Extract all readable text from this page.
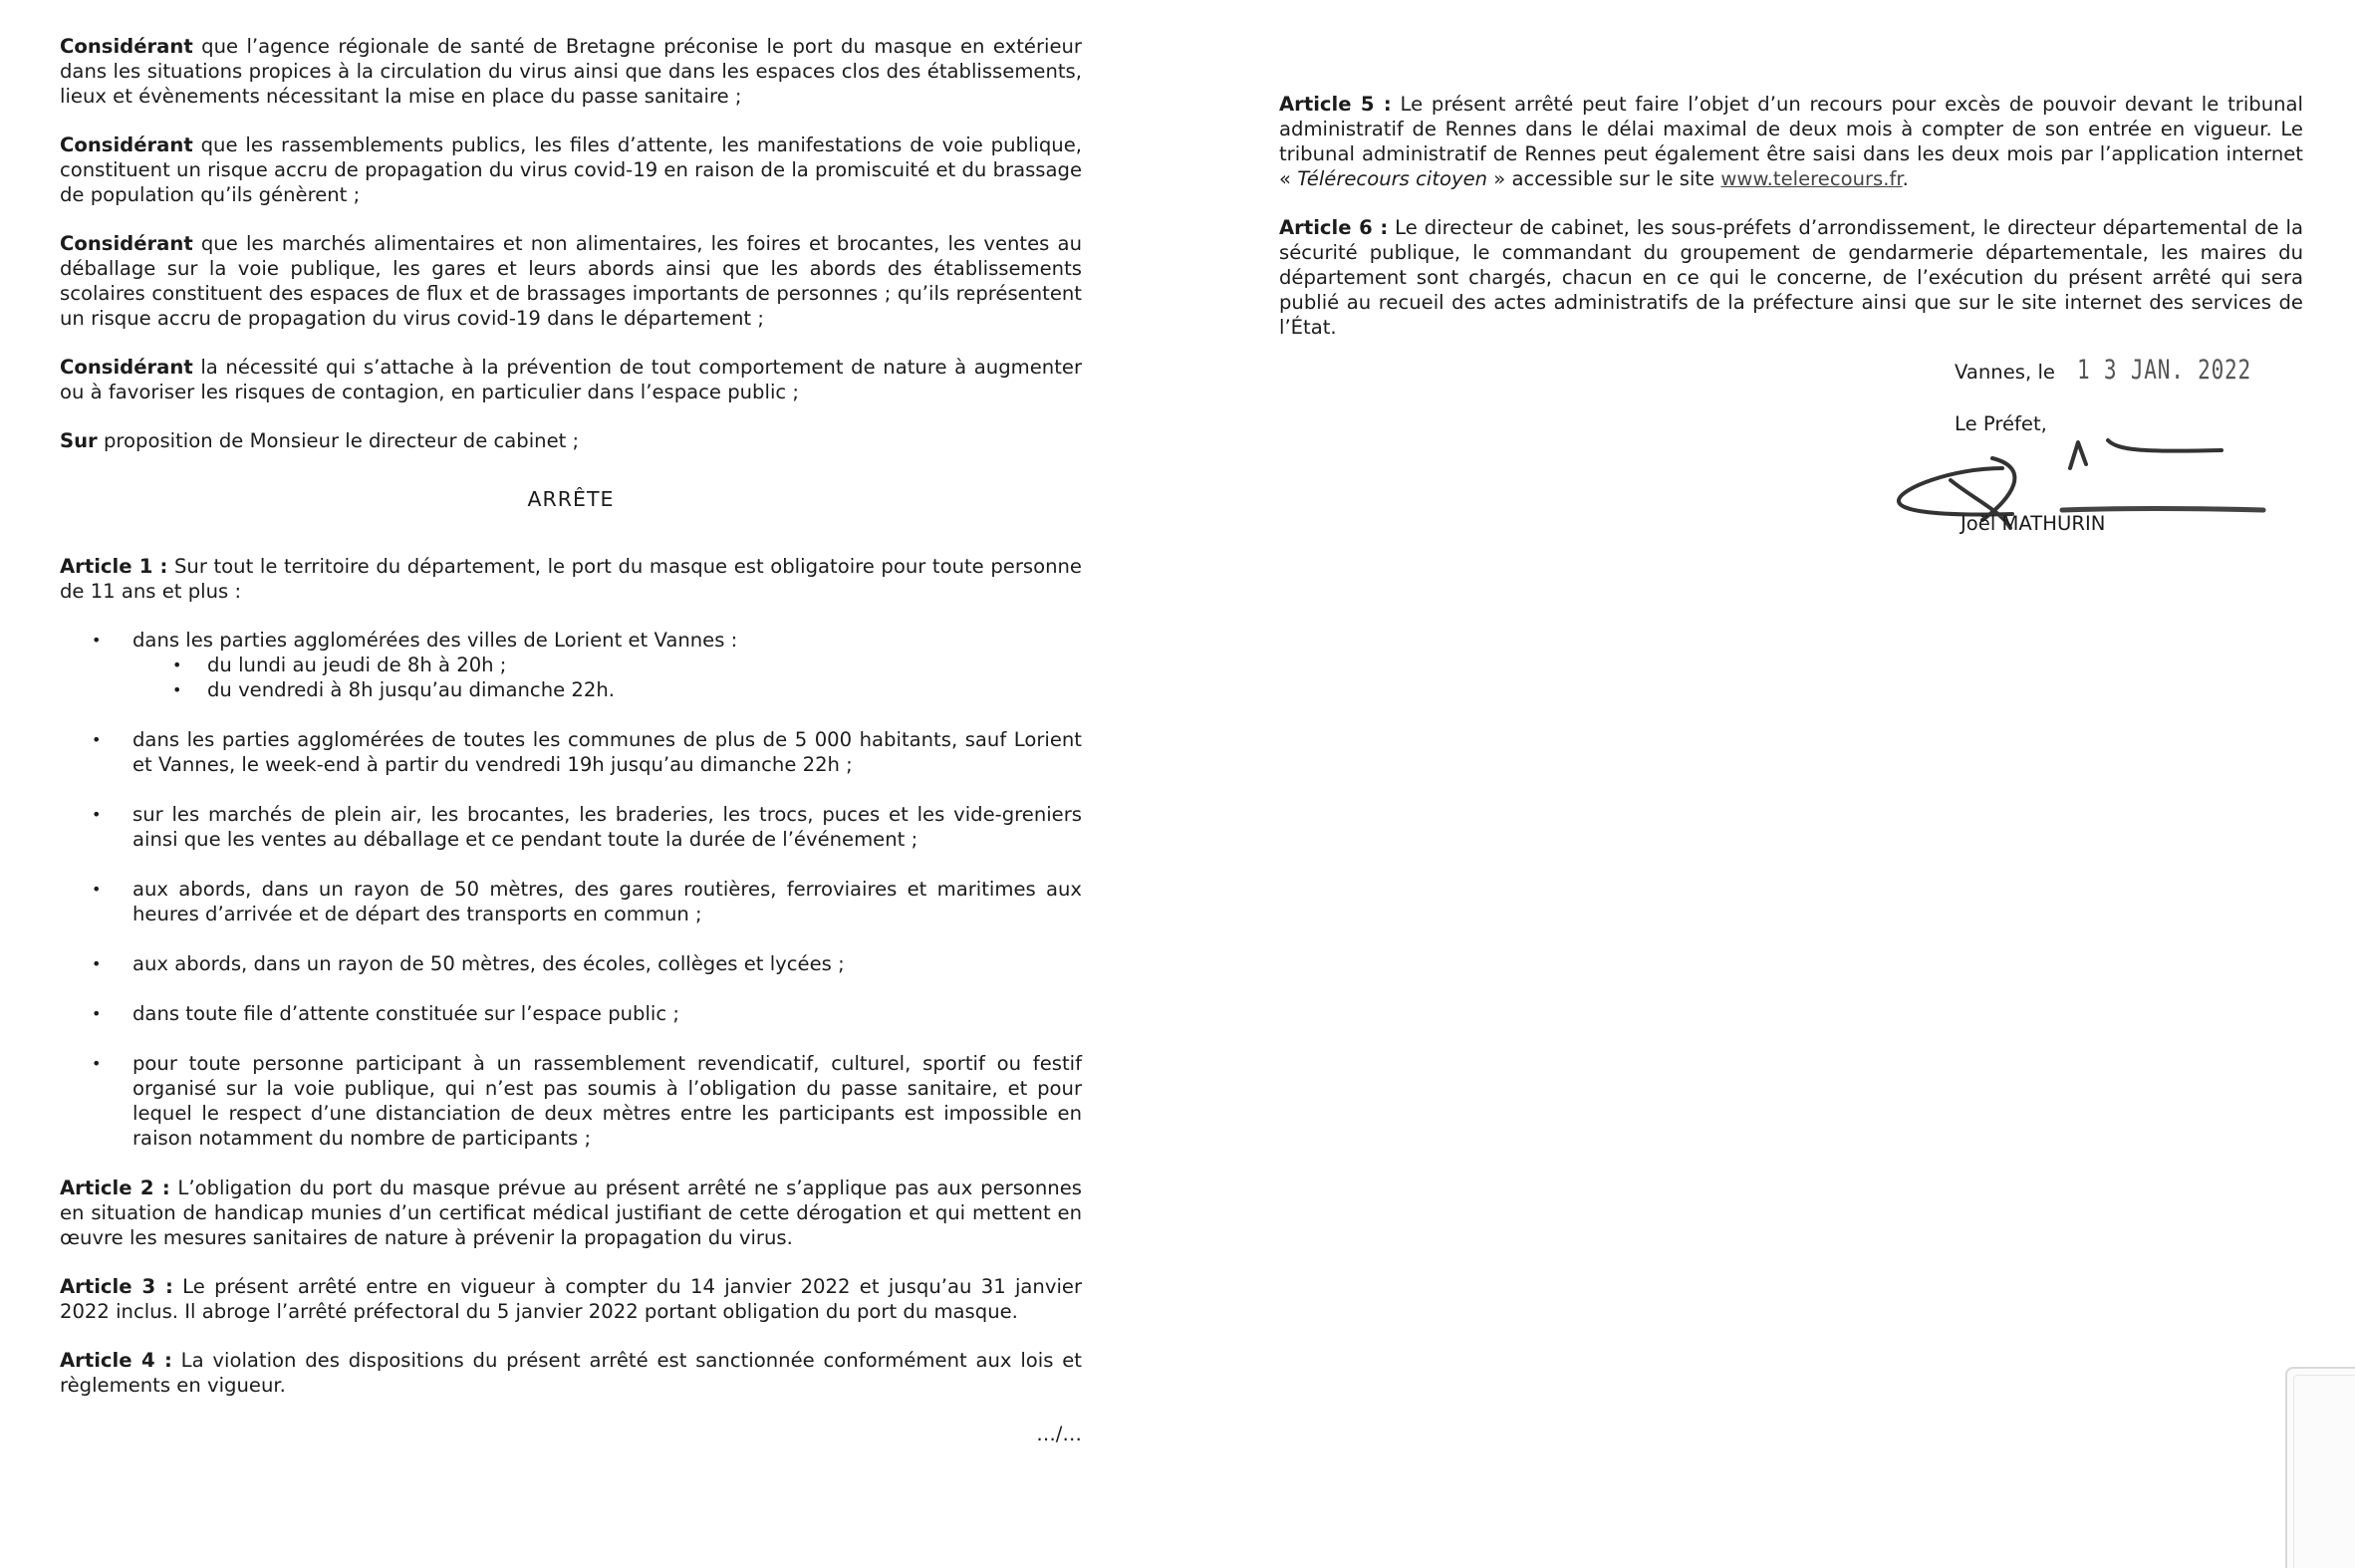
Considérant que l’agence régionale de santé de Bretagne préconise le port du masque en extérieur dans les situations propices à la circulation du virus ainsi que dans les espaces clos des établissements, lieux et évènements nécessitant la mise en place du passe sanitaire ;

Considérant que les rassemblements publics, les files d’attente, les manifestations de voie publique, constituent un risque accru de propagation du virus covid-19 en raison de la promiscuité et du brassage de population qu’ils génèrent ;

Considérant que les marchés alimentaires et non alimentaires, les foires et brocantes, les ventes au déballage sur la voie publique, les gares et leurs abords ainsi que les abords des établissements scolaires constituent des espaces de flux et de brassages importants de personnes ; qu’ils représentent un risque accru de propagation du virus covid-19 dans le département ;

Considérant la nécessité qui s’attache à la prévention de tout comportement de nature à augmenter ou à favoriser les risques de contagion, en particulier dans l’espace public ;

Sur proposition de Monsieur le directeur de cabinet ;

ARRÊTE

Article 1 : Sur tout le territoire du département, le port du masque est obligatoire pour toute personne de 11 ans et plus :

• dans les parties agglomérées des villes de Lorient et Vannes :
• du lundi au jeudi de 8h à 20h ;
• du vendredi à 8h jusqu’au dimanche 22h.
• dans les parties agglomérées de toutes les communes de plus de 5 000 habitants, sauf Lorient et Vannes, le week-end à partir du vendredi 19h jusqu’au dimanche 22h ;
• sur les marchés de plein air, les brocantes, les braderies, les trocs, puces et les vide-greniers ainsi que les ventes au déballage et ce pendant toute la durée de l’événement ;
• aux abords, dans un rayon de 50 mètres, des gares routières, ferroviaires et maritimes aux heures d’arrivée et de départ des transports en commun ;
• aux abords, dans un rayon de 50 mètres, des écoles, collèges et lycées ;
• dans toute file d’attente constituée sur l’espace public ;
• pour toute personne participant à un rassemblement revendicatif, culturel, sportif ou festif organisé sur la voie publique, qui n’est pas soumis à l’obligation du passe sanitaire, et pour lequel le respect d’une distanciation de deux mètres entre les participants est impossible en raison notamment du nombre de participants ;

Article 2 : L’obligation du port du masque prévue au présent arrêté ne s’applique pas aux personnes en situation de handicap munies d’un certificat médical justifiant de cette dérogation et qui mettent en œuvre les mesures sanitaires de nature à prévenir la propagation du virus.

Article 3 : Le présent arrêté entre en vigueur à compter du 14 janvier 2022 et jusqu’au 31 janvier 2022 inclus. Il abroge l’arrêté préfectoral du 5 janvier 2022 portant obligation du port du masque.

Article 4 : La violation des dispositions du présent arrêté est sanctionnée conformément aux lois et règlements en vigueur.

…/…

Article 5 : Le présent arrêté peut faire l’objet d’un recours pour excès de pouvoir devant le tribunal administratif de Rennes dans le délai maximal de deux mois à compter de son entrée en vigueur. Le tribunal administratif de Rennes peut également être saisi dans les deux mois par l’application internet « Télérecours citoyen » accessible sur le site www.telerecours.fr.

Article 6 : Le directeur de cabinet, les sous-préfets d’arrondissement, le directeur départemental de la sécurité publique, le commandant du groupement de gendarmerie départementale, les maires du département sont chargés, chacun en ce qui le concerne, de l’exécution du présent arrêté qui sera publié au recueil des actes administratifs de la préfecture ainsi que sur le site internet des services de l’État.

Vannes, le 1 3 JAN. 2022
Le Préfet,
Joël MATHURIN
